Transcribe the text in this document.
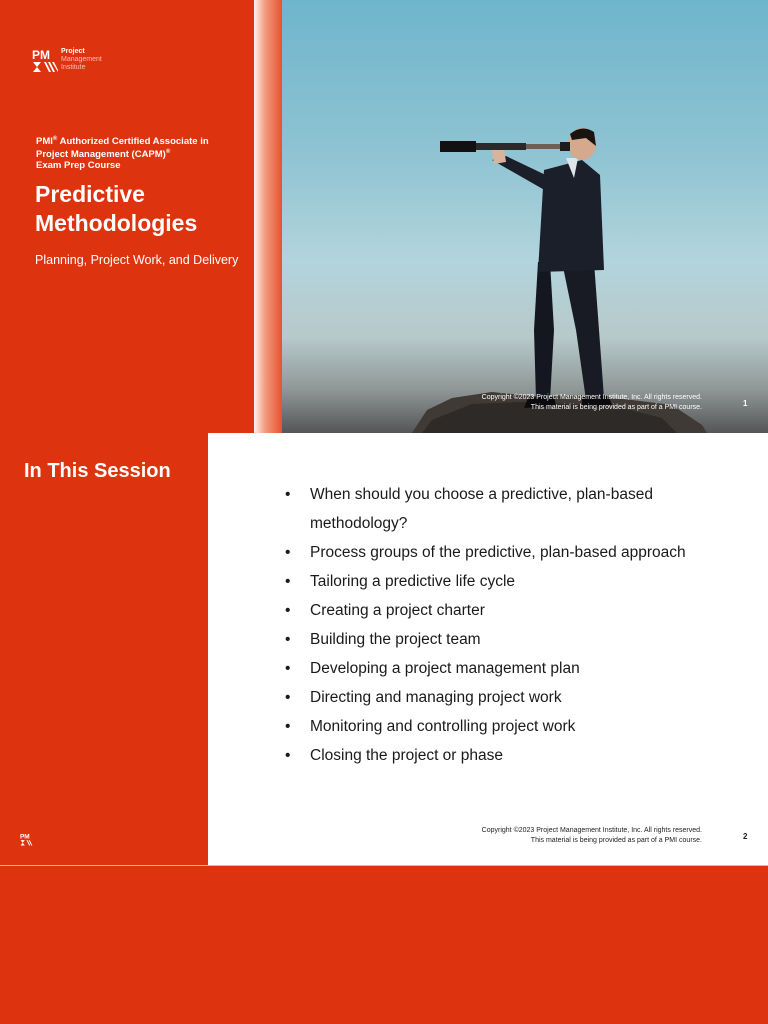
PM Project
Management
Institute
PMI® Authorized Certified Associate in
Project Management (CAPM)®
Exam Prep Course
Predictive Methodologies
Planning, Project Work, and Delivery
Copyright ©2023 Project Management Institute, Inc. All rights reserved.
This material is being provided as part of a PMI course.	1
In This Session
PM
• When should you choose a predictive, plan-based methodology?
• Process groups of the predictive, plan-based approach
• Tailoring a predictive life cycle
• Creating a project charter
• Building the project team
• Developing a project management plan
• Directing and managing project work
• Monitoring and controlling project work
• Closing the project or phase
Copyright ©2023 Project Management Institute, Inc. All rights reserved.
This material is being provided as part of a PMI course.	2
